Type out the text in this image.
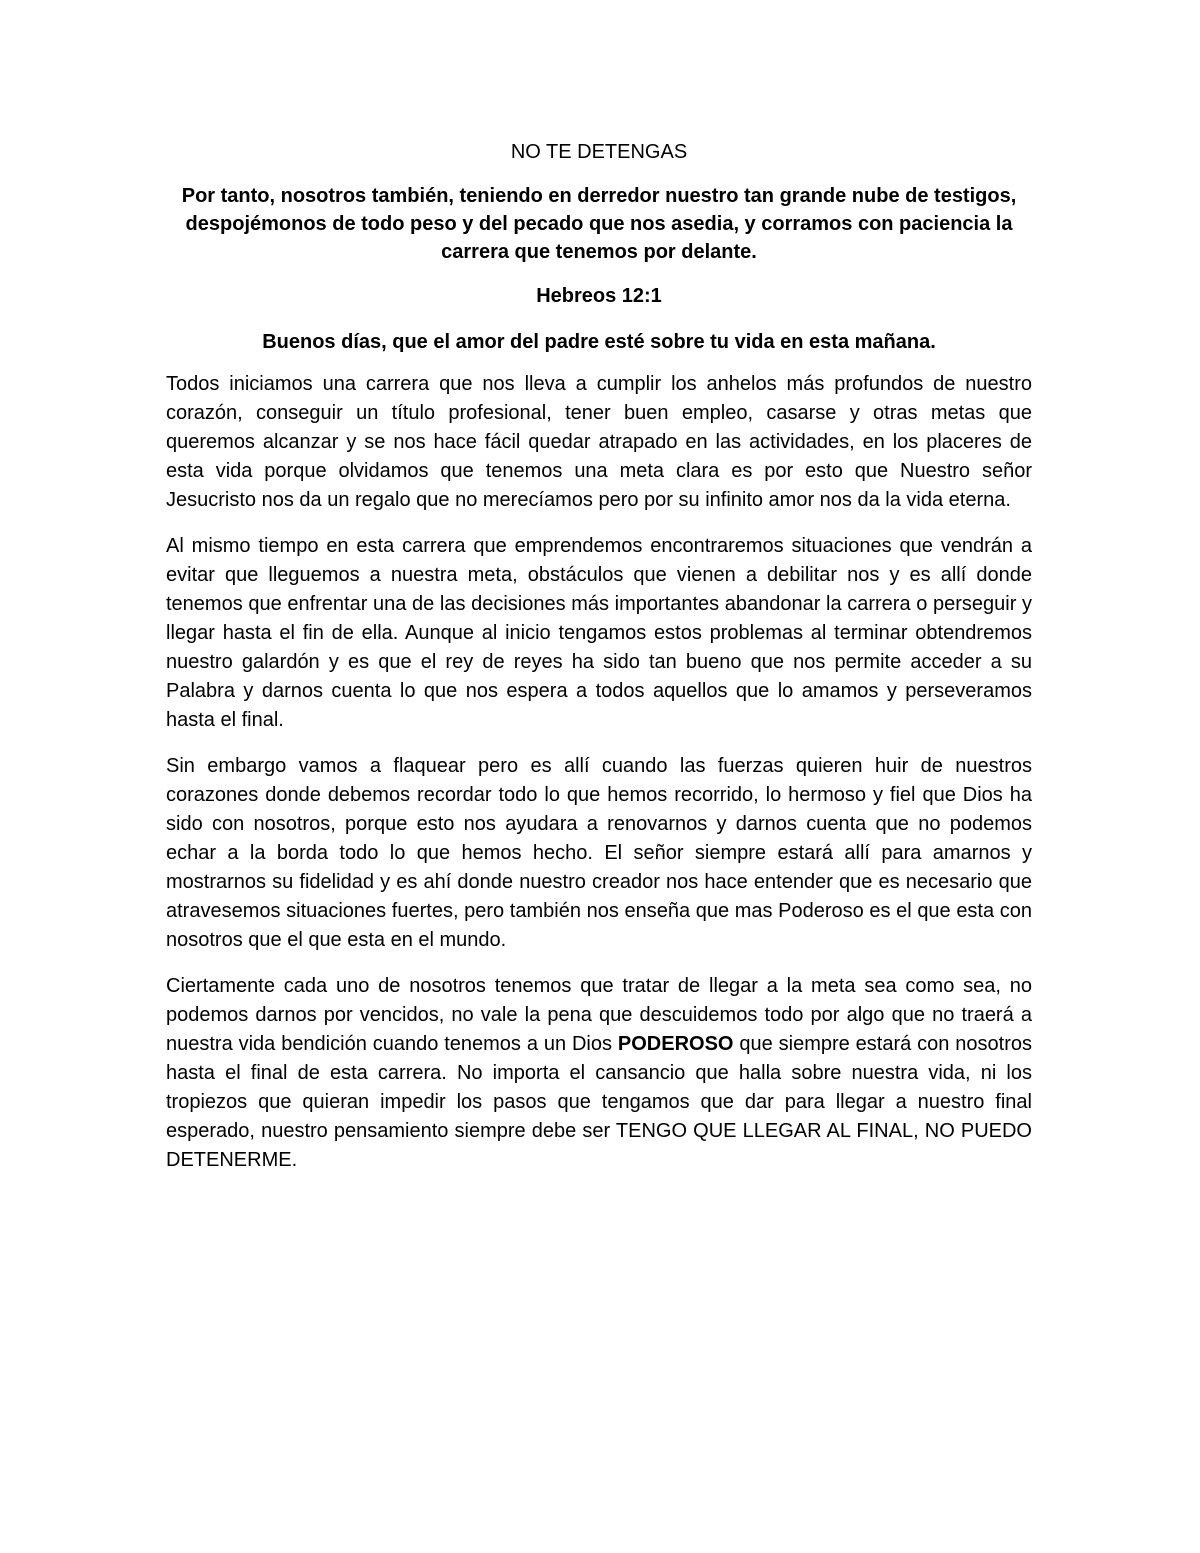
NO TE DETENGAS
Por tanto, nosotros también, teniendo en derredor nuestro tan grande nube de testigos, despojémonos de todo peso y del pecado que nos asedia, y corramos con paciencia la carrera que tenemos por delante.
Hebreos 12:1
Buenos días, que el amor del padre esté sobre tu vida en esta mañana.

Todos iniciamos una carrera que nos lleva a cumplir los anhelos más profundos de nuestro corazón, conseguir un título profesional, tener buen empleo, casarse y otras metas que queremos alcanzar y se nos hace fácil quedar atrapado en las actividades, en los placeres de esta vida porque olvidamos que tenemos una meta clara es por esto que Nuestro señor Jesucristo nos da un regalo que no merecíamos pero por su infinito amor nos da la vida eterna.

Al mismo tiempo en esta carrera que emprendemos encontraremos situaciones que vendrán a evitar que lleguemos a nuestra meta, obstáculos que vienen a debilitar nos y es allí donde tenemos que enfrentar una de las decisiones más importantes abandonar la carrera o perseguir y llegar hasta el fin de ella. Aunque al inicio tengamos estos problemas al terminar obtendremos nuestro galardón y es que el rey de reyes ha sido tan bueno que nos permite acceder a su Palabra y darnos cuenta lo que nos espera a todos aquellos que lo amamos y perseveramos hasta el final.

Sin embargo vamos a flaquear pero es allí cuando las fuerzas quieren huir de nuestros corazones donde debemos recordar todo lo que hemos recorrido, lo hermoso y fiel que Dios ha sido con nosotros, porque esto nos ayudara a renovarnos y darnos cuenta que no podemos echar a la borda todo lo que hemos hecho. El señor siempre estará allí para amarnos y mostrarnos su fidelidad y es ahí donde nuestro creador nos hace entender que es necesario que atravesemos situaciones fuertes, pero también nos enseña que mas Poderoso es el que esta con nosotros que el que esta en el mundo.

Ciertamente cada uno de nosotros tenemos que tratar de llegar a la meta sea como sea, no podemos darnos por vencidos, no vale la pena que descuidemos todo por algo que no traerá a nuestra vida bendición cuando tenemos a un Dios PODEROSO que siempre estará con nosotros hasta el final de esta carrera. No importa el cansancio que halla sobre nuestra vida, ni los tropiezos que quieran impedir los pasos que tengamos que dar para llegar a nuestro final esperado, nuestro pensamiento siempre debe ser TENGO QUE LLEGAR AL FINAL, NO PUEDO DETENERME.
